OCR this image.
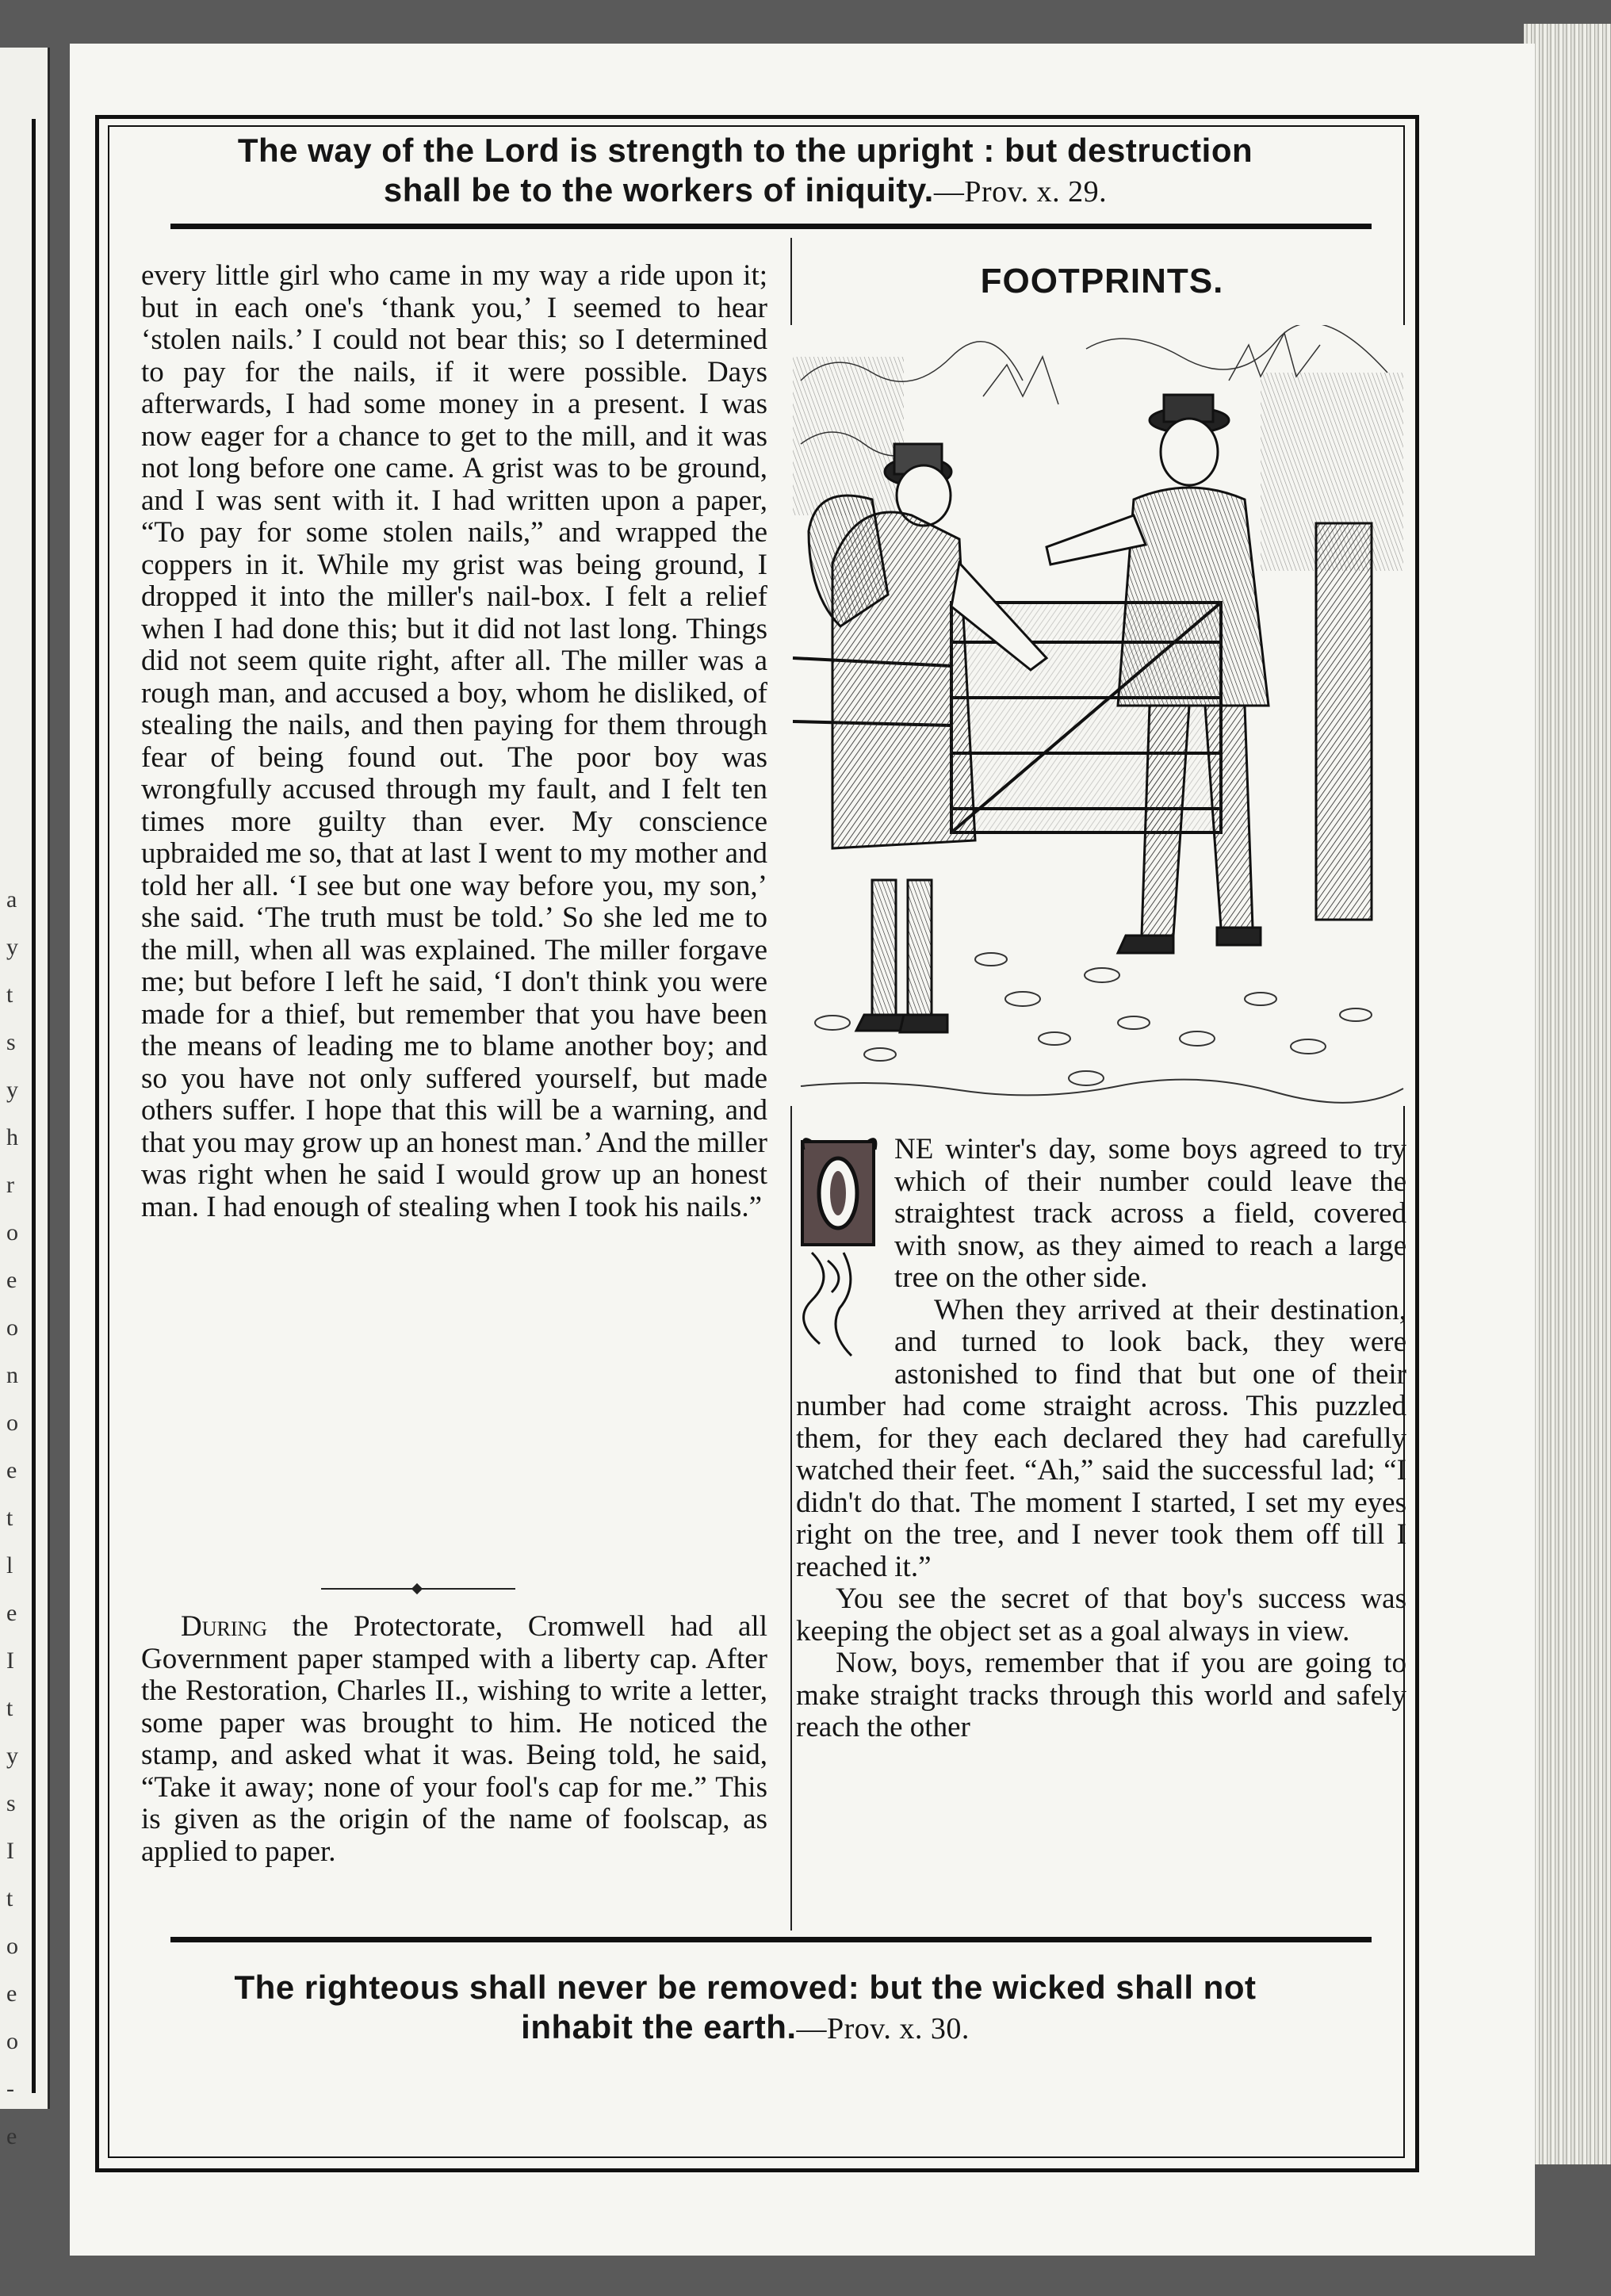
a
y
t
s
y
h
r
o
e
o
n
o
e
t
l
e
I
t
y
s
I
t
o
e
o
-
e
The way of the Lord is strength to the upright : but destruction
shall be to the workers of iniquity.—Prov. x. 29.

every little girl who came in my way a ride upon it; but in each one's ‘thank you,’ I seemed to hear ‘stolen nails.’ I could not bear this; so I determined to pay for the nails, if it were possible. Days afterwards, I had some money in a present. I was now eager for a chance to get to the mill, and it was not long before one came. A grist was to be ground, and I was sent with it. I had written upon a paper, “To pay for some stolen nails,” and wrapped the coppers in it. While my grist was being ground, I dropped it into the miller's nail-box. I felt a relief when I had done this; but it did not last long. Things did not seem quite right, after all. The miller was a rough man, and accused a boy, whom he disliked, of stealing the nails, and then paying for them through fear of being found out. The poor boy was wrongfully accused through my fault, and I felt ten times more guilty than ever. My conscience upbraided me so, that at last I went to my mother and told her all. ‘I see but one way before you, my son,’ she said. ‘The truth must be told.’ So she led me to the mill, when all was explained. The miller forgave me; but before I left he said, ‘I don't think you were made for a thief, but remember that you have been the means of leading me to blame another boy; and so you have not only suffered yourself, but made others suffer. I hope that this will be a warning, and that you may grow up an honest man.’ And the miller was right when he said I would grow up an honest man. I had enough of stealing when I took his nails.”

During the Protectorate, Cromwell had all Government paper stamped with a liberty cap. After the Restoration, Charles II., wishing to write a letter, some paper was brought to him. He noticed the stamp, and asked what it was. Being told, he said, “Take it away; none of your fool's cap for me.” This is given as the origin of the name of foolscap, as applied to paper.

FOOTPRINTS.

NE winter's day, some boys agreed to try which of their number could leave the straightest track across a field, covered with snow, as they aimed to reach a large tree on the other side.

When they arrived at their destination, and turned to look back, they were astonished to find that but one of their number had come straight across. This puzzled them, for they each declared they had carefully watched their feet. “Ah,” said the successful lad; “I didn't do that. The moment I started, I set my eyes right on the tree, and I never took them off till I reached it.”

You see the secret of that boy's success was keeping the object set as a goal always in view.

Now, boys, remember that if you are going to make straight tracks through this world and safely reach the other

The righteous shall never be removed: but the wicked shall not
inhabit the earth.—Prov. x. 30.
